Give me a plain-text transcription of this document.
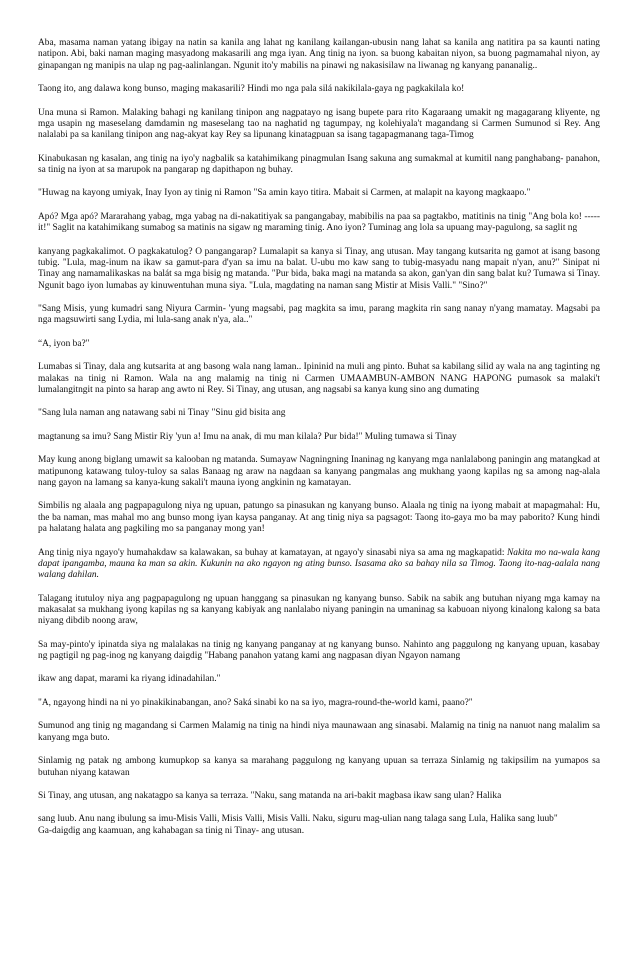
Aba, masama naman yatang ibigay na natin sa kanila ang lahat ng kanilang kailangan-ubusin nang lahat sa kanila ang natitira pa sa kaunti nating natipon. Abi, baki naman maging masyadong makasarili ang mga iyan. Ang tinig na iyon. sa buong kabaitan niyon, sa buong pagmamahal niyon, ay ginapangan ng manipis na ulap ng pag-aalinlangan. Ngunit ito'y mabilis na pinawi ng nakasisilaw na liwanag ng kanyang pananalig..

Taong ito, ang dalawa kong bunso, maging makasarili? Hindi mo nga pala silá nakikilala-gaya ng pagkakilala ko!

Una muna si Ramon. Malaking bahagi ng kanilang tinipon ang nagpatayo ng isang bupete para rito Kagaraang umakit ng magagarang kliyente, ng mga usapin ng maseselang damdamin ng maseselang tao na naghatid ng tagumpay, ng kolehiyala't magandang si Carmen Sumunod si Rey. Ang nalalabi pa sa kanilang tinipon ang nag-akyat kay Rey sa lipunang kinatagpuan sa isang tagapagmanang taga-Timog

Kinabukasan ng kasalan, ang tinig na iyo'y nagbalik sa katahimikang pinagmulan Isang sakuna ang sumakmal at kumitil nang panghabang- panahon, sa tinig na iyon at sa marupok na pangarap ng dapithapon ng buhay.

"Huwag na kayong umiyak, Inay Iyon ay tinig ni Ramon "Sa amin kayo titira. Mabait si Carmen, at malapit na kayong magkaapo."

Apó? Mga apó? Mararahang yabag, mga yabag na di-nakatitiyak sa pangangabay, mabibilis na paa sa pagtakbo, matitinis na tinig "Ang bola ko! -----it!" Saglit na katahimikang sumabog sa matinis na sigaw ng maraming tinig. Ano iyon? Tuminag ang lola sa upuang may-pagulong, sa saglit ng

kanyang pagkakalimot. O pagkakatulog? O pangangarap? Lumalapit sa kanya si Tinay, ang utusan. May tangang kutsarita ng gamot at isang basong tubig. "Lula, mag-inum na ikaw sa gamut-para d'yan sa imu na balat. U-ubu mo kaw sang to tubig-masyadu nang mapait n'yan, anu?" Sinipat ni Tinay ang namamalikaskas na balát sa mga bisig ng matanda. "Pur bida, baka magi na matanda sa akon, gan'yan din sang balat ku? Tumawa si Tinay. Ngunit bago iyon lumabas ay kinuwentuhan muna siya. "Lula, magdating na naman sang Mistir at Misis Valli." "Sino?"

"Sang Misis, yung kumadri sang Niyura Carmin- 'yung magsabi, pag magkita sa imu, parang magkita rin sang nanay n'yang mamatay. Magsabi pa nga magsuwirti sang Lydia, mi lula-sang anak n'ya, ala.."

“A, iyon ba?"

Lumabas si Tinay, dala ang kutsarita at ang basong wala nang laman.. Ipininid na muli ang pinto. Buhat sa kabilang silid ay wala na ang taginting ng malakas na tinig ni Ramon. Wala na ang malamig na tinig ni Carmen UMAAMBUN-AMBON NANG HAPONG pumasok sa malaki't lumalangitngit na pinto sa harap ang awto ni Rey. Si Tinay, ang utusan, ang nagsabi sa kanya kung sino ang dumating

"Sang lula naman ang natawang sabi ni Tinay "Sinu gid bisita ang

magtanung sa imu? Sang Mistir Riy 'yun a! Imu na anak, di mu man kilala? Pur bida!" Muling tumawa si Tinay

May kung anong biglang umawit sa kalooban ng matanda. Sumayaw Nagningning Inaninag ng kanyang mga nanlalabong paningin ang matangkad at matipunong katawang tuloy-tuloy sa salas Banaag ng araw na nagdaan sa kanyang pangmalas ang mukhang yaong kapilas ng sa among nag-alala nang gayon na lamang sa kanya-kung sakali't mauna iyong angkinin ng kamatayan.

Simbilis ng alaala ang pagpapagulong niya ng upuan, patungo sa pinasukan ng kanyang bunso. Alaala ng tinig na iyong mabait at mapagmahal: Hu, the ba naman, mas mahal mo ang bunso mong iyan kaysa panganay. At ang tinig niya sa pagsagot: Taong ito-gaya mo ba may paborito? Kung hindi pa halatang halata ang pagkiling mo sa panganay mong yan!

Ang tinig niya ngayo'y humahakdaw sa kalawakan, sa buhay at kamatayan, at ngayo'y sinasabi niya sa ama ng magkapatid: Nakita mo na-wala kang dapat ipangamba, mauna ka man sa akin. Kukunin na ako ngayon ng ating bunso. Isasama ako sa bahay nila sa Timog. Taong ito-nag-aalala nang walang dahilan.

Talagang itutuloy niya ang pagpapagulong ng upuan hanggang sa pinasukan ng kanyang bunso. Sabik na sabik ang butuhan niyang mga kamay na makasalat sa mukhang iyong kapilas ng sa kanyang kabiyak ang nanlalabo niyang paningin na umaninag sa kabuoan niyong kinalong kalong sa bata niyang dibdib noong araw,

Sa may-pinto'y ipinatda siya ng malalakas na tinig ng kanyang panganay at ng kanyang bunso. Nahinto ang paggulong ng kanyang upuan, kasabay ng pagtigil ng pag-inog ng kanyang daigdig "Habang panahon yatang kami ang nagpasan diyan Ngayon namang

ikaw ang dapat, marami ka riyang idinadahilan."

"A, ngayong hindi na ni yo pinakikinabangan, ano? Saká sinabi ko na sa iyo, magra-round-the-world kami, paano?"

Sumunod ang tinig ng magandang si Carmen Malamig na tinig na hindi niya maunawaan ang sinasabi. Malamig na tinig na nanuot nang malalim sa kanyang mga buto.

Sinlamig ng patak ng ambong kumupkop sa kanya sa marahang paggulong ng kanyang upuan sa terraza Sinlamig ng takipsilim na yumapos sa butuhan niyang katawan

Si Tinay, ang utusan, ang nakatagpo sa kanya sa terraza. "Naku, sang matanda na ari-bakit magbasa ikaw sang ulan? Halika

sang luub. Anu nang ibulung sa imu-Misis Valli, Misis Valli, Misis Valli. Naku, siguru mag-ulian nang talaga sang Lula, Halika sang luub"

Ga-daigdig ang kaamuan, ang kahabagan sa tinig ni Tinay- ang utusan.
